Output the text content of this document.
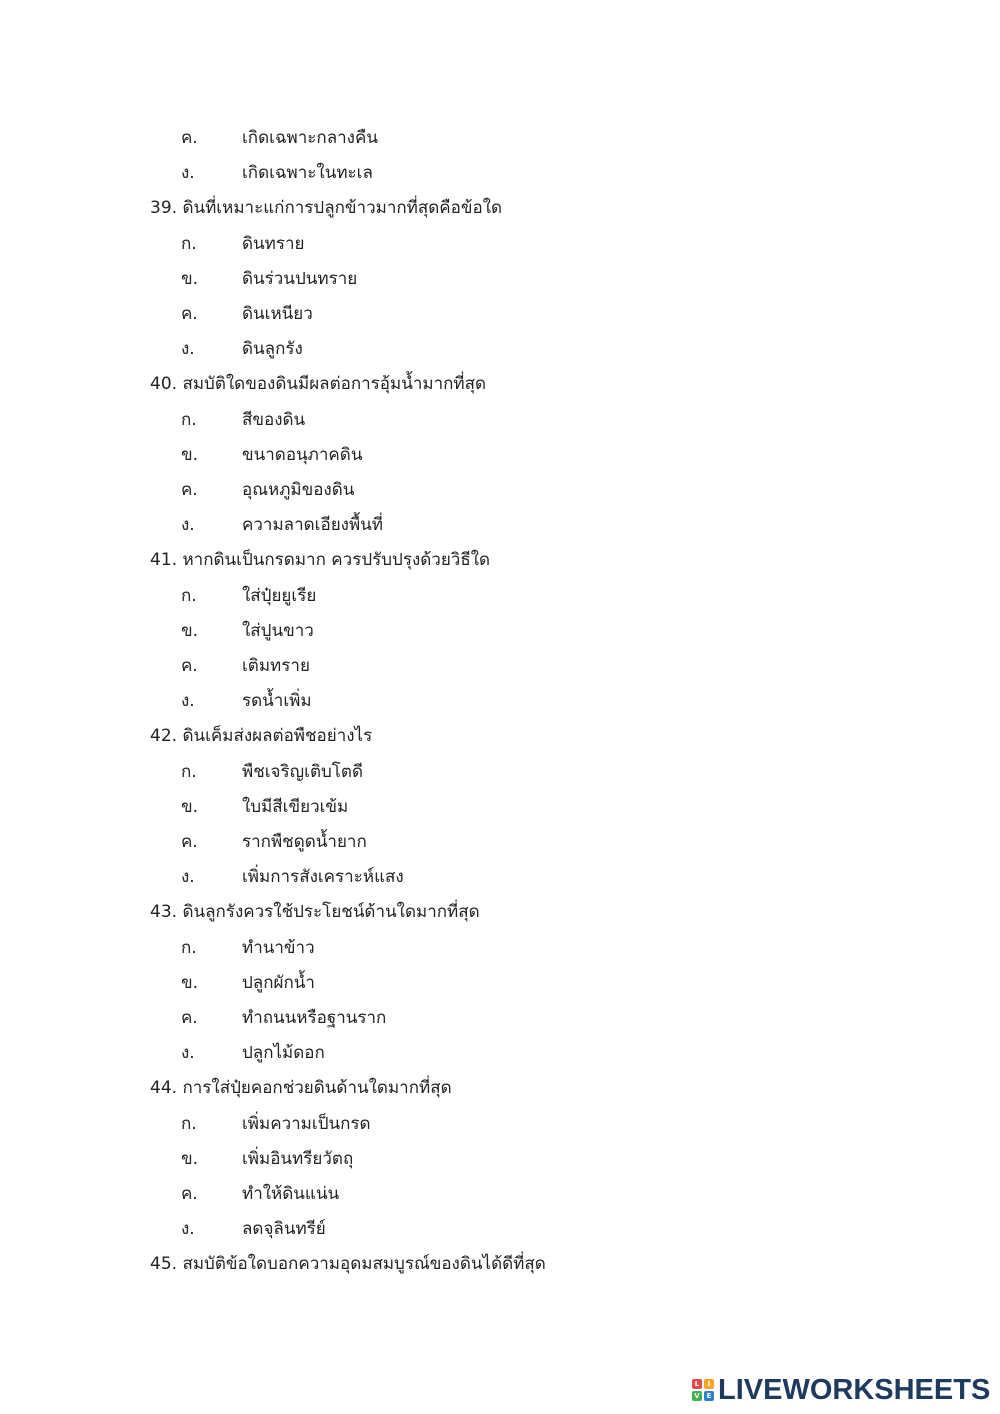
ค.	เกิดเฉพาะกลางคืน
ง.	เกิดเฉพาะในทะเล
39. ดินที่เหมาะแก่การปลูกข้าวมากที่สุดคือข้อใด
ก.	ดินทราย
ข.	ดินร่วนปนทราย
ค.	ดินเหนียว
ง.	ดินลูกรัง
40. สมบัติใดของดินมีผลต่อการอุ้มน้ำมากที่สุด
ก.	สีของดิน
ข.	ขนาดอนุภาคดิน
ค.	อุณหภูมิของดิน
ง.	ความลาดเอียงพื้นที่
41. หากดินเป็นกรดมาก ควรปรับปรุงด้วยวิธีใด
ก.	ใส่ปุ๋ยยูเรีย
ข.	ใส่ปูนขาว
ค.	เติมทราย
ง.	รดน้ำเพิ่ม
42. ดินเค็มส่งผลต่อพืชอย่างไร
ก.	พืชเจริญเติบโตดี
ข.	ใบมีสีเขียวเข้ม
ค.	รากพืชดูดน้ำยาก
ง.	เพิ่มการสังเคราะห์แสง
43. ดินลูกรังควรใช้ประโยชน์ด้านใดมากที่สุด
ก.	ทำนาข้าว
ข.	ปลูกผักน้ำ
ค.	ทำถนนหรือฐานราก
ง.	ปลูกไม้ดอก
44. การใส่ปุ๋ยคอกช่วยดินด้านใดมากที่สุด
ก.	เพิ่มความเป็นกรด
ข.	เพิ่มอินทรียวัตถุ
ค.	ทำให้ดินแน่น
ง.	ลดจุลินทรีย์
45. สมบัติข้อใดบอกความอุดมสมบูรณ์ของดินได้ดีที่สุด
L	I
V E LIVEWORKSHEETS
